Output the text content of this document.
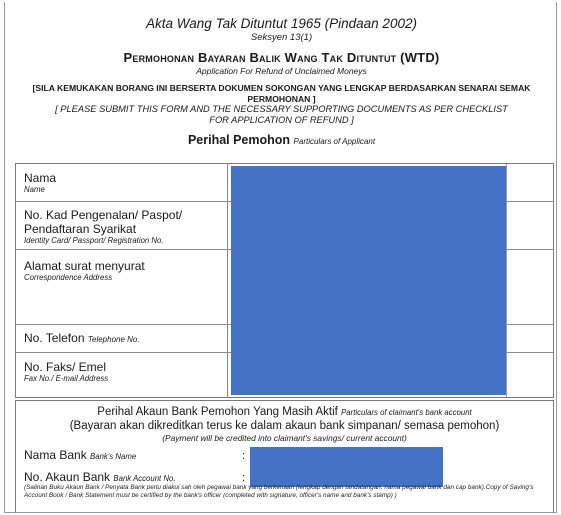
Akta Wang Tak Dituntut 1965 (Pindaan 2002)
Seksyen 13(1)
Permohonan Bayaran Balik Wang Tak Dituntut (WTD)
Application For Refund of Unclaimed Moneys
[SILA KEMUKAKAN BORANG INI BERSERTA DOKUMEN SOKONGAN YANG LENGKAP BERDASARKAN SENARAI SEMAK PERMOHONAN ]
[ PLEASE SUBMIT THIS FORM AND THE NECESSARY SUPPORTING DOCUMENTS AS PER CHECKLIST FOR APPLICATION OF REFUND ]
Perihal Pemohon Particulars of Applicant
Nama
Name
No. Kad Pengenalan/ Paspot/
Pendaftaran Syarikat
Identity Card/ Passport/ Registration No.
Alamat surat menyurat
Correspondence Address
No. Telefon Telephone No.
No. Faks/ Emel
Fax No./ E-mail Address
Perihal Akaun Bank Pemohon Yang Masih Aktif Particulars of claimant's bank account
(Bayaran akan dikreditkan terus ke dalam akaun bank simpanan/ semasa pemohon)
(Payment will be credited into claimant's savings/ current account)
Nama Bank Bank's Name	:
No. Akaun Bank Bank Account No.	:
(Salinan Buku Akaun Bank / Penyata Bank perlu diakui sah oleh pegawai bank yang berkenaan (lengkap dengan tandatangan, nama pegawai bank dan cap bank).Copy of Saving's Account Book / Bank Statement must be certified by the bank's officer (completed with signature, officer's name and bank's stamp) )
